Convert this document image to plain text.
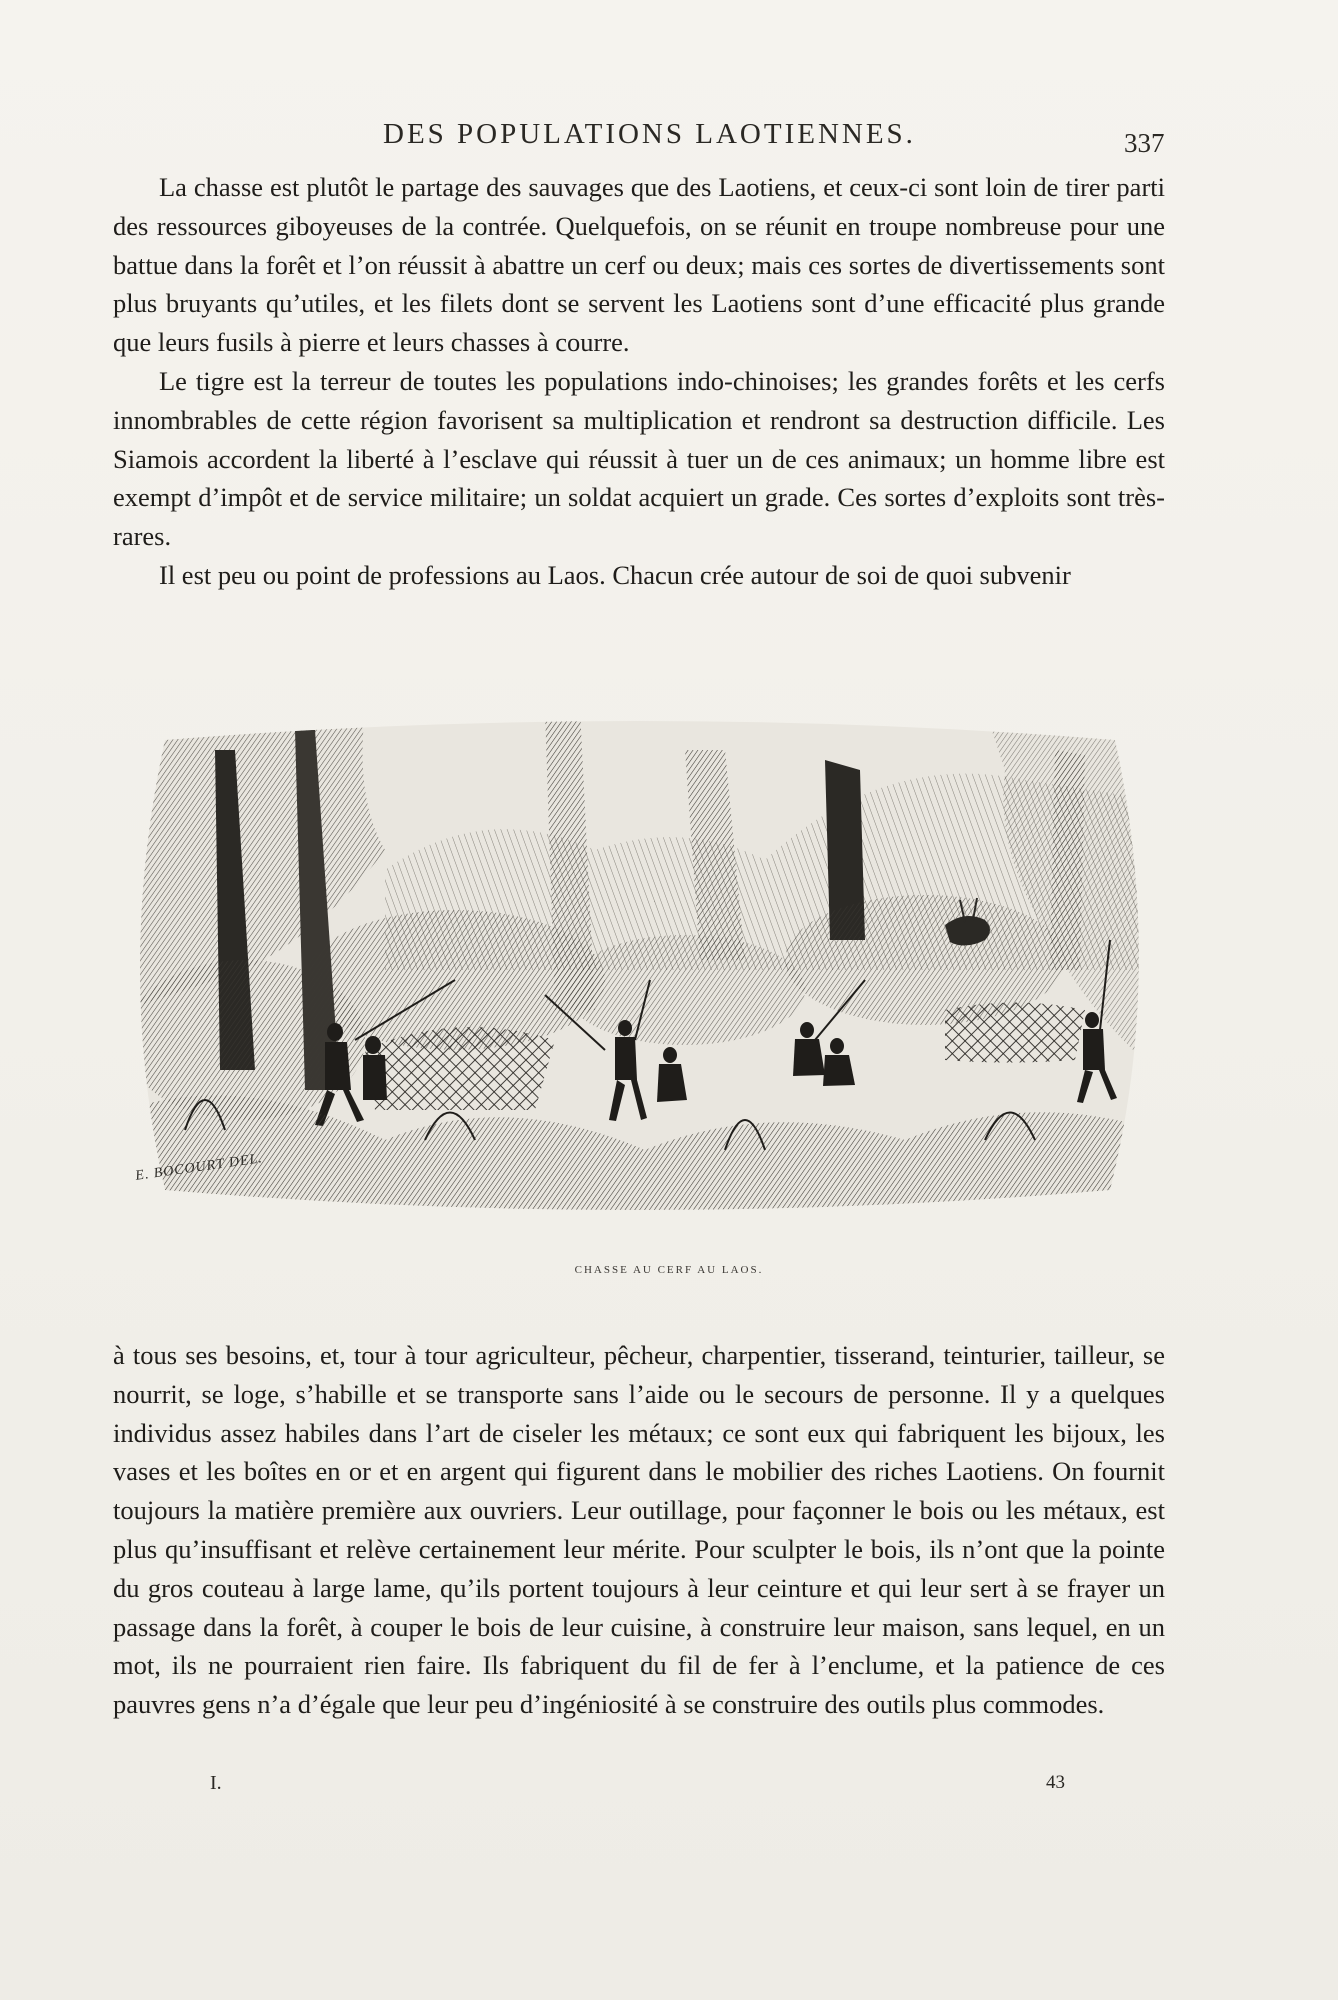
DES POPULATIONS LAOTIENNES.	337

La chasse est plutôt le partage des sauvages que des Laotiens, et ceux-ci sont loin de tirer parti des ressources giboyeuses de la contrée. Quelquefois, on se réunit en troupe nombreuse pour une battue dans la forêt et l’on réussit à abattre un cerf ou deux; mais ces sortes de divertissements sont plus bruyants qu’utiles, et les filets dont se servent les Laotiens sont d’une efficacité plus grande que leurs fusils à pierre et leurs chasses à courre.

Le tigre est la terreur de toutes les populations indo-chinoises; les grandes forêts et les cerfs innombrables de cette région favorisent sa multiplication et rendront sa destruction difficile. Les Siamois accordent la liberté à l’esclave qui réussit à tuer un de ces animaux; un homme libre est exempt d’impôt et de service militaire; un soldat acquiert un grade. Ces sortes d’exploits sont très-rares.

Il est peu ou point de professions au Laos. Chacun crée autour de soi de quoi subvenir

E. BOCOURT DEL.
CHASSE AU CERF AU LAOS.

à tous ses besoins, et, tour à tour agriculteur, pêcheur, charpentier, tisserand, teinturier, tailleur, se nourrit, se loge, s’habille et se transporte sans l’aide ou le secours de personne. Il y a quelques individus assez habiles dans l’art de ciseler les métaux; ce sont eux qui fabriquent les bijoux, les vases et les boîtes en or et en argent qui figurent dans le mobilier des riches Laotiens. On fournit toujours la matière première aux ouvriers. Leur outillage, pour façonner le bois ou les métaux, est plus qu’insuffisant et relève certainement leur mérite. Pour sculpter le bois, ils n’ont que la pointe du gros couteau à large lame, qu’ils portent toujours à leur ceinture et qui leur sert à se frayer un passage dans la forêt, à couper le bois de leur cuisine, à construire leur maison, sans lequel, en un mot, ils ne pourraient rien faire. Ils fabriquent du fil de fer à l’enclume, et la patience de ces pauvres gens n’a d’égale que leur peu d’ingéniosité à se construire des outils plus commodes.

I.	43
